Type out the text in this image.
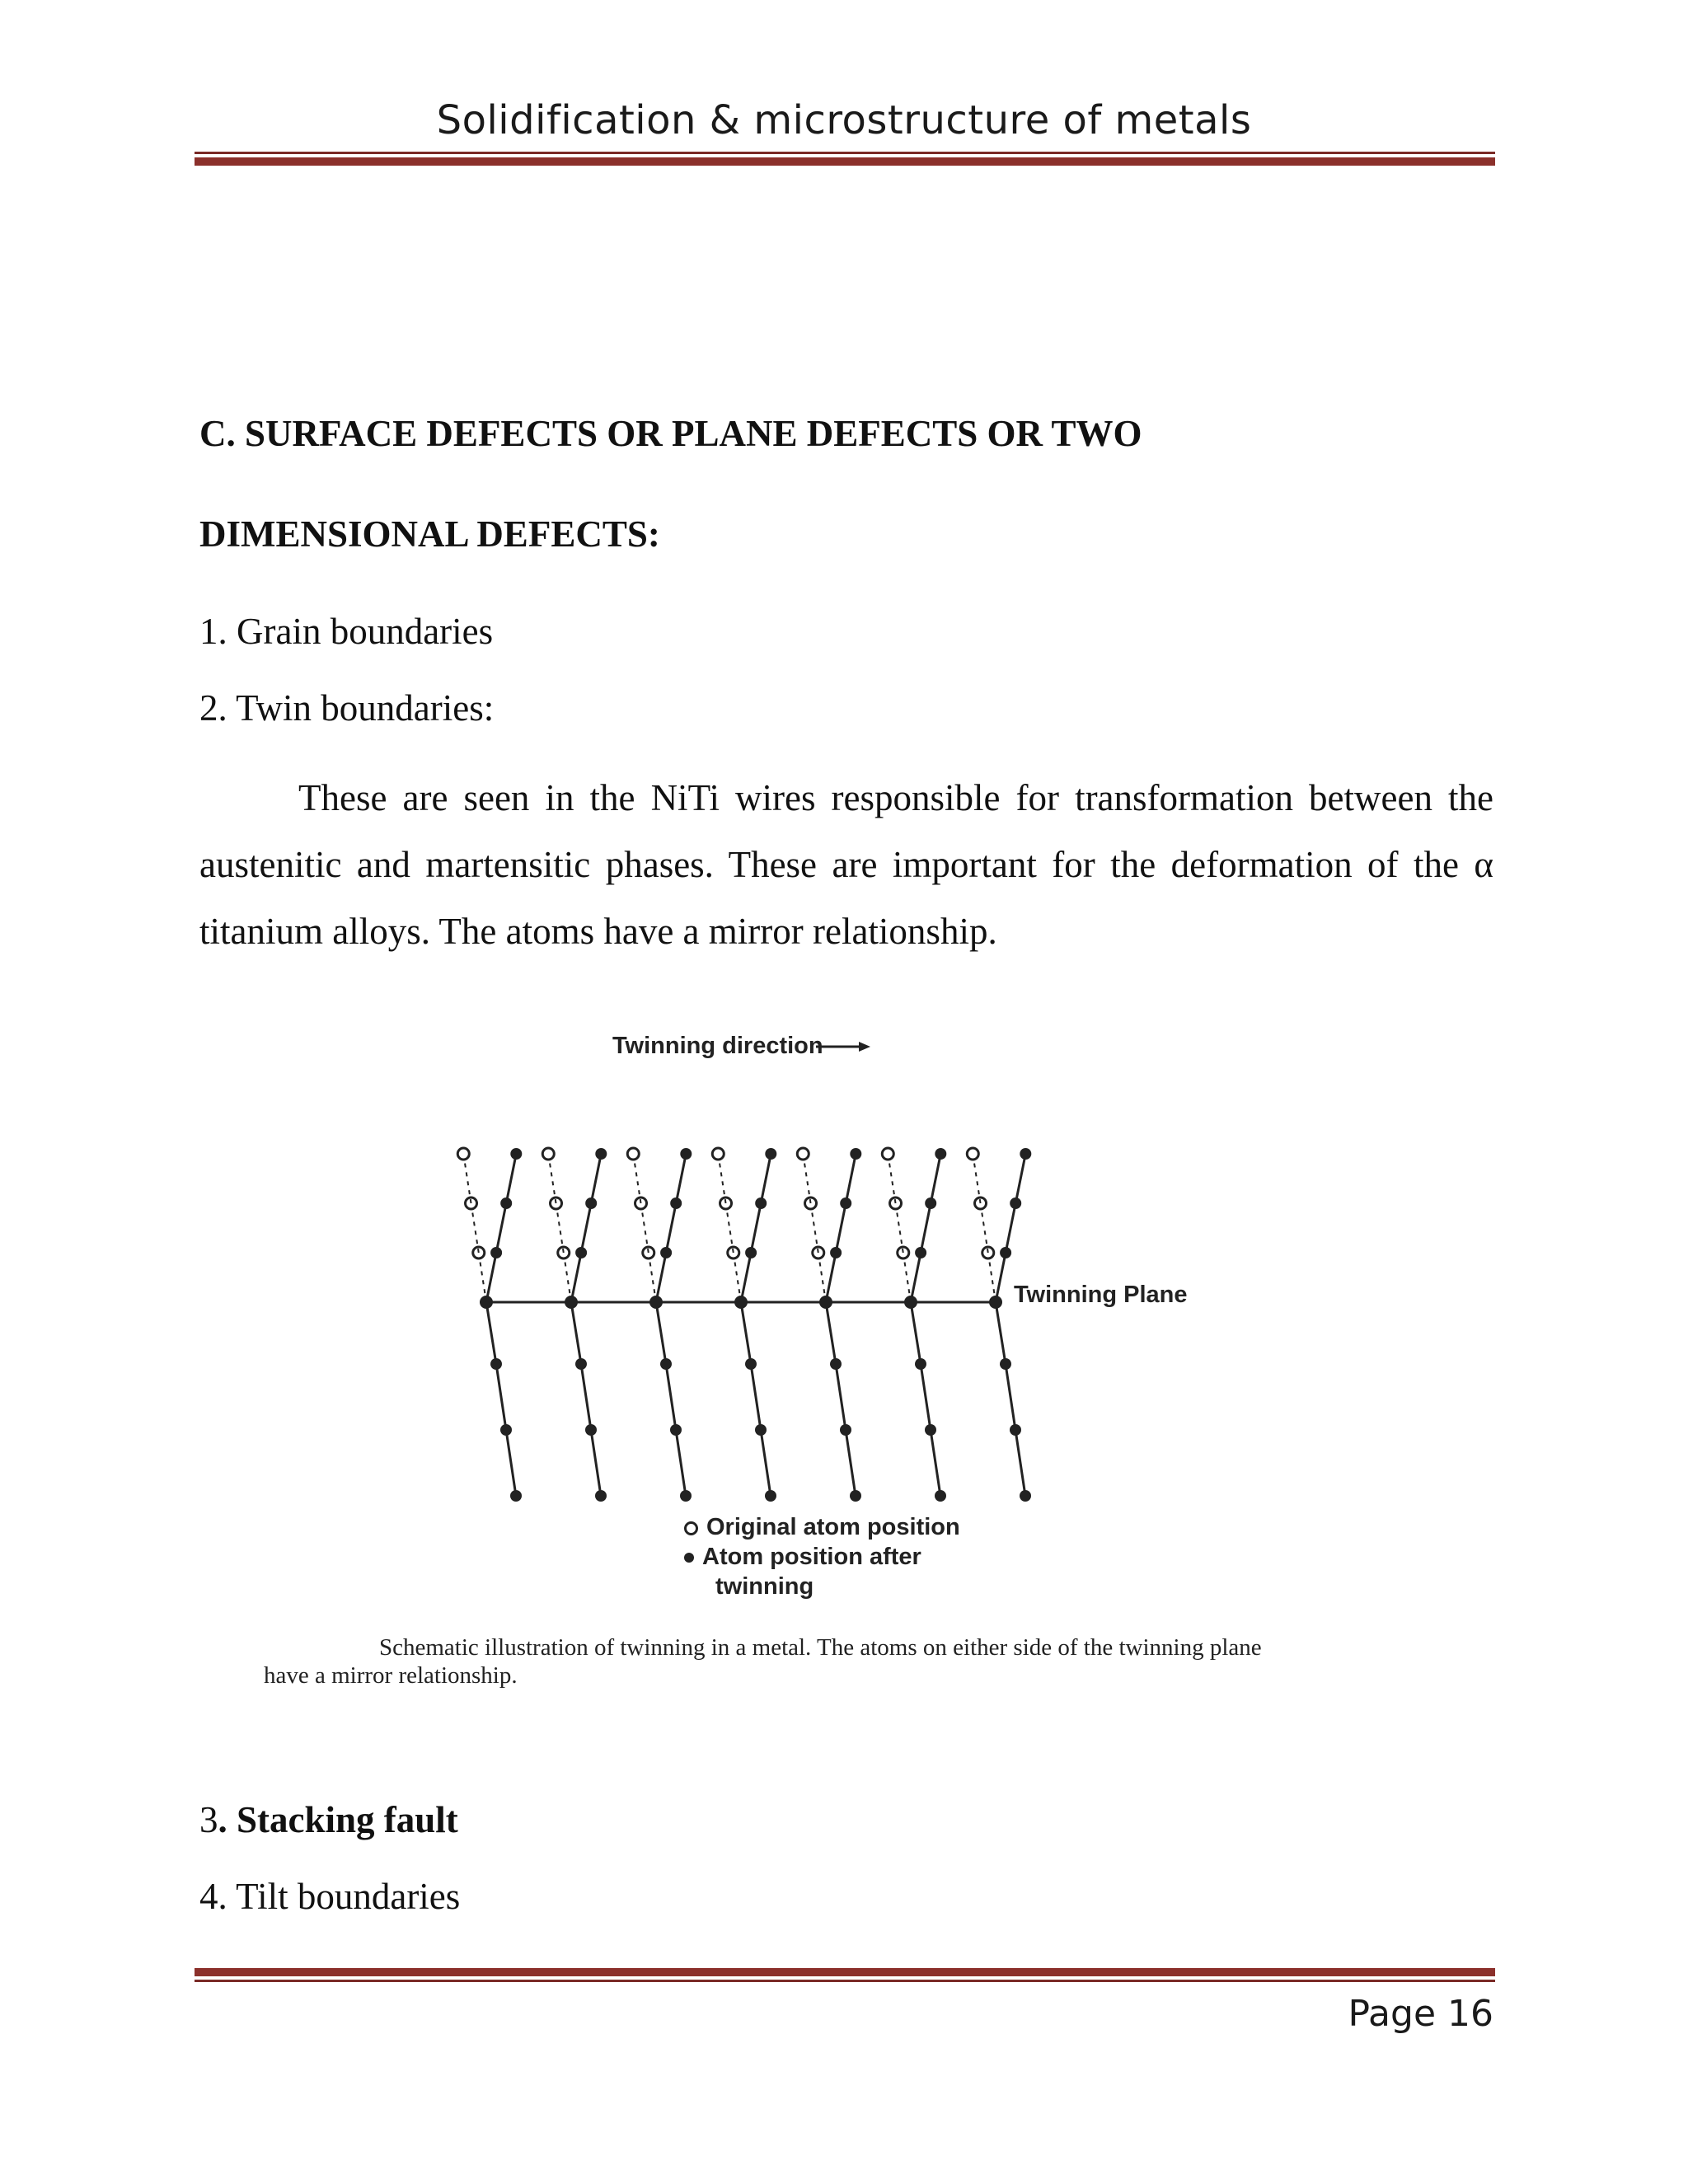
Solidification & microstructure of metals
C. SURFACE DEFECTS OR PLANE DEFECTS OR TWO
DIMENSIONAL DEFECTS:
1. Grain boundaries
2. Twin boundaries:
These are seen in the NiTi wires responsible for transformation between the austenitic and martensitic phases. These are important for the deformation of the α titanium alloys. The atoms have a mirror relationship.
Twinning direction
Twinning Plane
Original atom position
Atom position after
twinning
Schematic illustration of twinning in a metal. The atoms on either side of the twinning plane
have a mirror relationship.
3. Stacking fault
4. Tilt boundaries
Page 16
